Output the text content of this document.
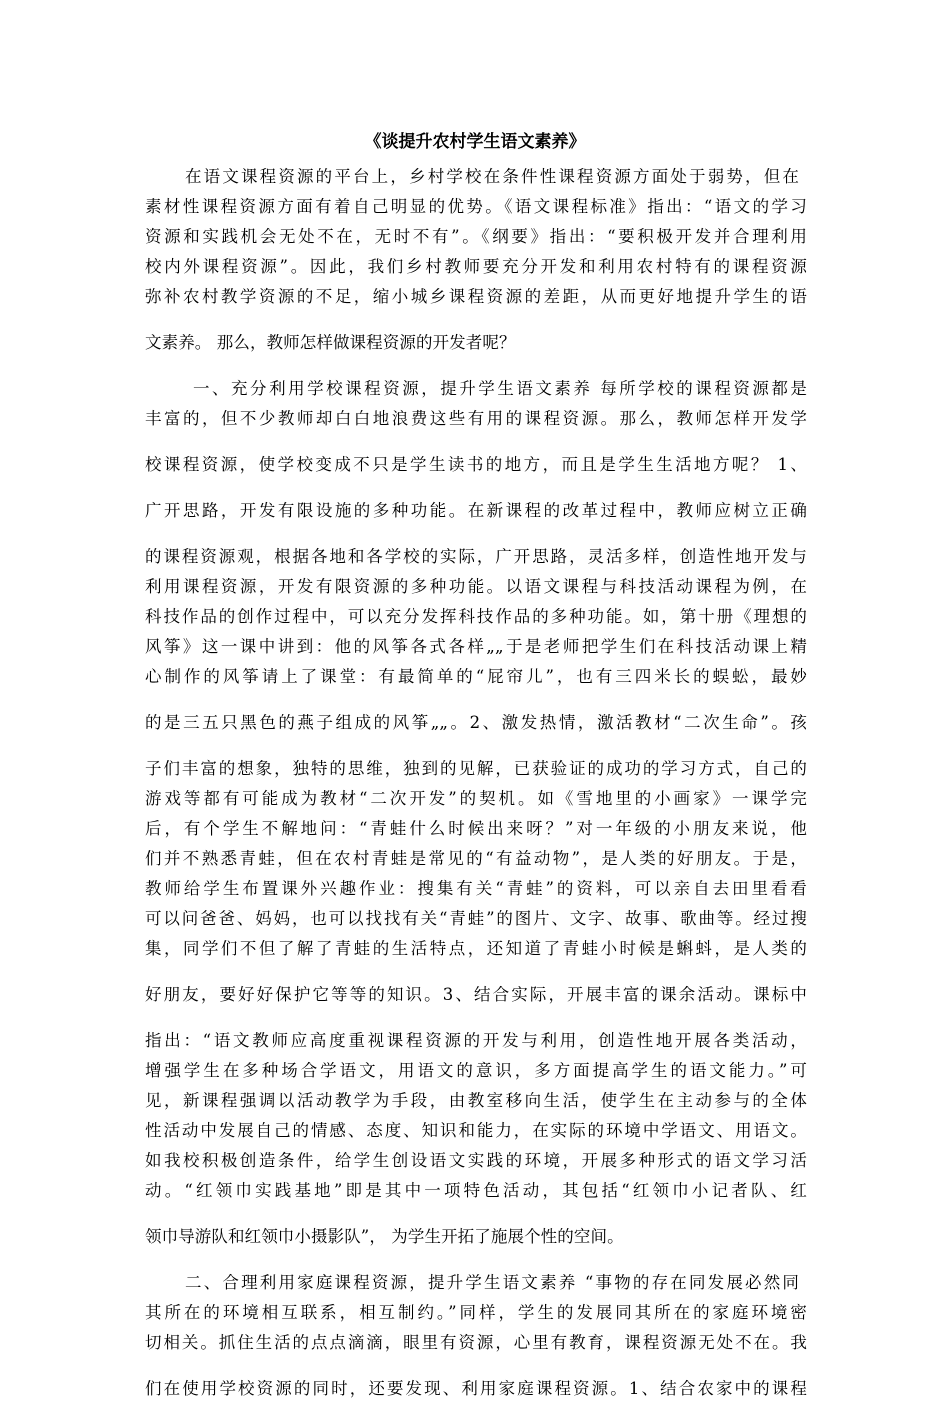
《谈提升农村学生语文素养》
在语文课程资源的平台上，乡村学校在条件性课程资源方面处于弱势，但在
素材性课程资源方面有着自己明显的优势。《语文课程标准》指出：“语文的学习
资源和实践机会无处不在，无时不有”。《纲要》指出：“要积极开发并合理利用
校内外课程资源”。因此，我们乡村教师要充分开发和利用农村特有的课程资源
弥补农村教学资源的不足，缩小城乡课程资源的差距，从而更好地提升学生的语
文素养。 那么，教师怎样做课程资源的开发者呢？
一、充分利用学校课程资源，提升学生语文素养 每所学校的课程资源都是
丰富的，但不少教师却白白地浪费这些有用的课程资源。那么，教师怎样开发学
校课程资源，使学校变成不只是学生读书的地方，而且是学生生活地方呢？ 1、
广开思路，开发有限设施的多种功能。在新课程的改革过程中，教师应树立正确
的课程资源观，根据各地和各学校的实际，广开思路，灵活多样，创造性地开发与
利用课程资源，开发有限资源的多种功能。以语文课程与科技活动课程为例，在
科技作品的创作过程中，可以充分发挥科技作品的多种功能。如，第十册《理想的
风筝》这一课中讲到：他的风筝各式各样„„于是老师把学生们在科技活动课上精
心制作的风筝请上了课堂：有最简单的“屁帘儿”，也有三四米长的蜈蚣，最妙
的是三五只黑色的燕子组成的风筝„„。2、激发热情，激活教材“二次生命”。孩
子们丰富的想象，独特的思维，独到的见解，已获验证的成功的学习方式，自己的
游戏等都有可能成为教材“二次开发”的契机。如《雪地里的小画家》一课学完
后，有个学生不解地问：“青蛙什么时候出来呀？”对一年级的小朋友来说，他
们并不熟悉青蛙，但在农村青蛙是常见的“有益动物”，是人类的好朋友。于是，
教师给学生布置课外兴趣作业：搜集有关“青蛙”的资料，可以亲自去田里看看
可以问爸爸、妈妈，也可以找找有关“青蛙”的图片、文字、故事、歌曲等。经过搜
集，同学们不但了解了青蛙的生活特点，还知道了青蛙小时候是蝌蚪，是人类的
好朋友，要好好保护它等等的知识。3、结合实际，开展丰富的课余活动。课标中
指出：“语文教师应高度重视课程资源的开发与利用，创造性地开展各类活动，
增强学生在多种场合学语文，用语文的意识，多方面提高学生的语文能力。”可
见，新课程强调以活动教学为手段，由教室移向生活，使学生在主动参与的全体
性活动中发展自己的情感、态度、知识和能力，在实际的环境中学语文、用语文。
如我校积极创造条件，给学生创设语文实践的环境，开展多种形式的语文学习活
动。“红领巾实践基地”即是其中一项特色活动，其包括“红领巾小记者队、红
领巾导游队和红领巾小摄影队”， 为学生开拓了施展个性的空间。
二、合理利用家庭课程资源，提升学生语文素养 “事物的存在同发展必然同
其所在的环境相互联系，相互制约。”同样，学生的发展同其所在的家庭环境密
切相关。抓住生活的点点滴滴，眼里有资源，心里有教育，课程资源无处不在。我
们在使用学校资源的同时，还要发现、利用家庭课程资源。1、结合农家中的课程
